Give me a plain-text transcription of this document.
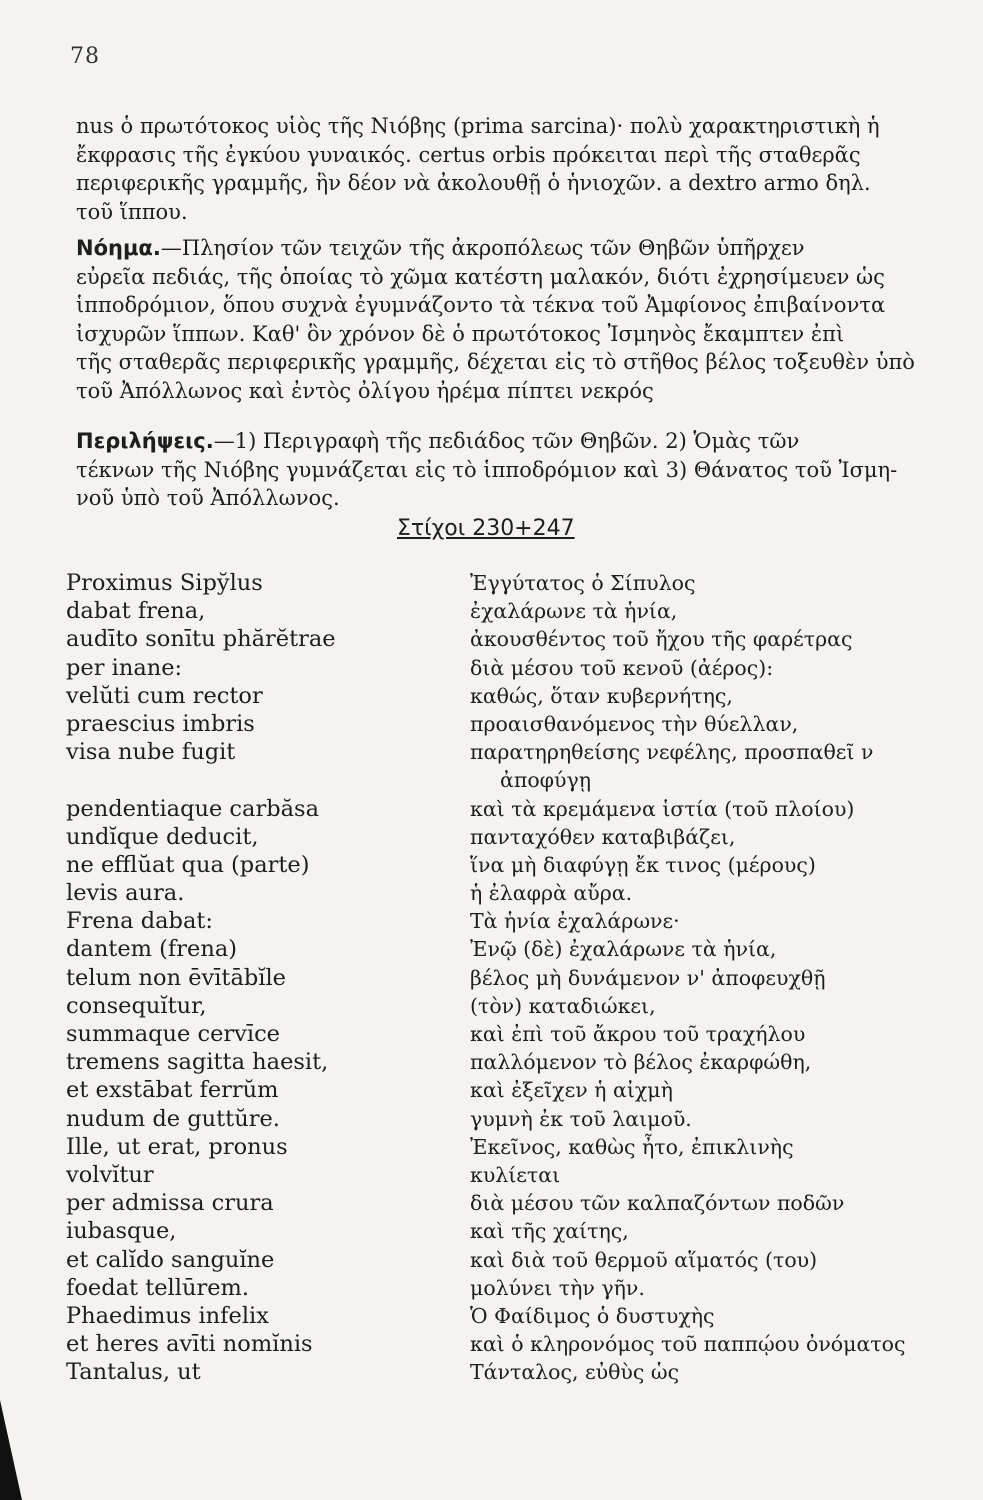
78
nus ὁ πρωτότοκος υἱὸς τῆς Νιόβης (prima sarcina)· πολὺ χαρακτηριστικὴ ἡ
ἔκφρασις τῆς ἐγκύου γυναικός. certus orbis πρόκειται περὶ τῆς σταθερᾶς
περιφερικῆς γραμμῆς, ἣν δέον νὰ ἀκολουθῇ ὁ ἡνιοχῶν. a dextro armo δηλ.
τοῦ ἵππου.
Νόημα.—Πλησίον τῶν τειχῶν τῆς ἀκροπόλεως τῶν Θηβῶν ὑπῆρχεν
εὐρεῖα πεδιάς, τῆς ὁποίας τὸ χῶμα κατέστη μαλακόν, διότι ἐχρησίμευεν ὡς
ἱπποδρόμιον, ὅπου συχνὰ ἐγυμνάζοντο τὰ τέκνα τοῦ Ἀμφίονος ἐπιβαίνοντα
ἰσχυρῶν ἵππων. Καθ' ὃν χρόνον δὲ ὁ πρωτότοκος Ἰσμηνὸς ἔκαμπτεν ἐπὶ
τῆς σταθερᾶς περιφερικῆς γραμμῆς, δέχεται εἰς τὸ στῆθος βέλος τοξευθὲν ὑπὸ
τοῦ Ἀπόλλωνος καὶ ἐντὸς ὀλίγου ἠρέμα πίπτει νεκρός
Περιλήψεις.—1) Περιγραφὴ τῆς πεδιάδος τῶν Θηβῶν. 2) Ὁμὰς τῶν
τέκνων τῆς Νιόβης γυμνάζεται εἰς τὸ ἱπποδρόμιον καὶ 3) Θάνατος τοῦ Ἰσμη-
νοῦ ὑπὸ τοῦ Ἀπόλλωνος.
Στίχοι 230+247
Proximus Sipy̆lus
dabat frena,
audīto sonītu phărĕtrae
per inane:
velŭti cum rector
praescius imbris
visa nube fugit
pendentiaque carbăsa
undĭque deducit,
ne efflŭat qua (parte)
levis aura.
Frena dabat:
dantem (frena)
telum non ēvītābĭle
consequĭtur,
summaque cervīce
tremens sagitta haesit,
et exstābat ferrŭm
nudum de guttŭre.
Ille, ut erat, pronus
volvĭtur
per admissa crura
iubasque,
et calĭdo sanguĭne
foedat tellūrem.
Phaedimus infelix
et heres avīti nomĭnis
Tantalus, ut
Ἐγγύτατος ὁ Σίπυλος
ἐχαλάρωνε τὰ ἡνία,
ἀκουσθέντος τοῦ ἤχου τῆς φαρέτρας
διὰ μέσου τοῦ κενοῦ (ἀέρος):
καθώς, ὅταν κυβερνήτης,
προαισθανόμενος τὴν θύελλαν,
παρατηρηθείσης νεφέλης, προσπαθεῖ ν
ἀποφύγῃ
καὶ τὰ κρεμάμενα ἱστία (τοῦ πλοίου)
πανταχόθεν καταβιβάζει,
ἵνα μὴ διαφύγῃ ἔκ τινος (μέρους)
ἡ ἐλαφρὰ αὔρα.
Τὰ ἡνία ἐχαλάρωνε·
Ἐνῷ (δὲ) ἐχαλάρωνε τὰ ἡνία,
βέλος μὴ δυνάμενον ν' ἀποφευχθῇ
(τὸν) καταδιώκει,
καὶ ἐπὶ τοῦ ἄκρου τοῦ τραχήλου
παλλόμενον τὸ βέλος ἐκαρφώθη,
καὶ ἐξεῖχεν ἡ αἰχμὴ
γυμνὴ ἐκ τοῦ λαιμοῦ.
Ἐκεῖνος, καθὼς ἦτο, ἐπικλινὴς
κυλίεται
διὰ μέσου τῶν καλπαζόντων ποδῶν
καὶ τῆς χαίτης,
καὶ διὰ τοῦ θερμοῦ αἵματός (του)
μολύνει τὴν γῆν.
Ὁ Φαίδιμος ὁ δυστυχὴς
καὶ ὁ κληρονόμος τοῦ παππῴου ὀνόματος
Τάνταλος, εὐθὺς ὡς
